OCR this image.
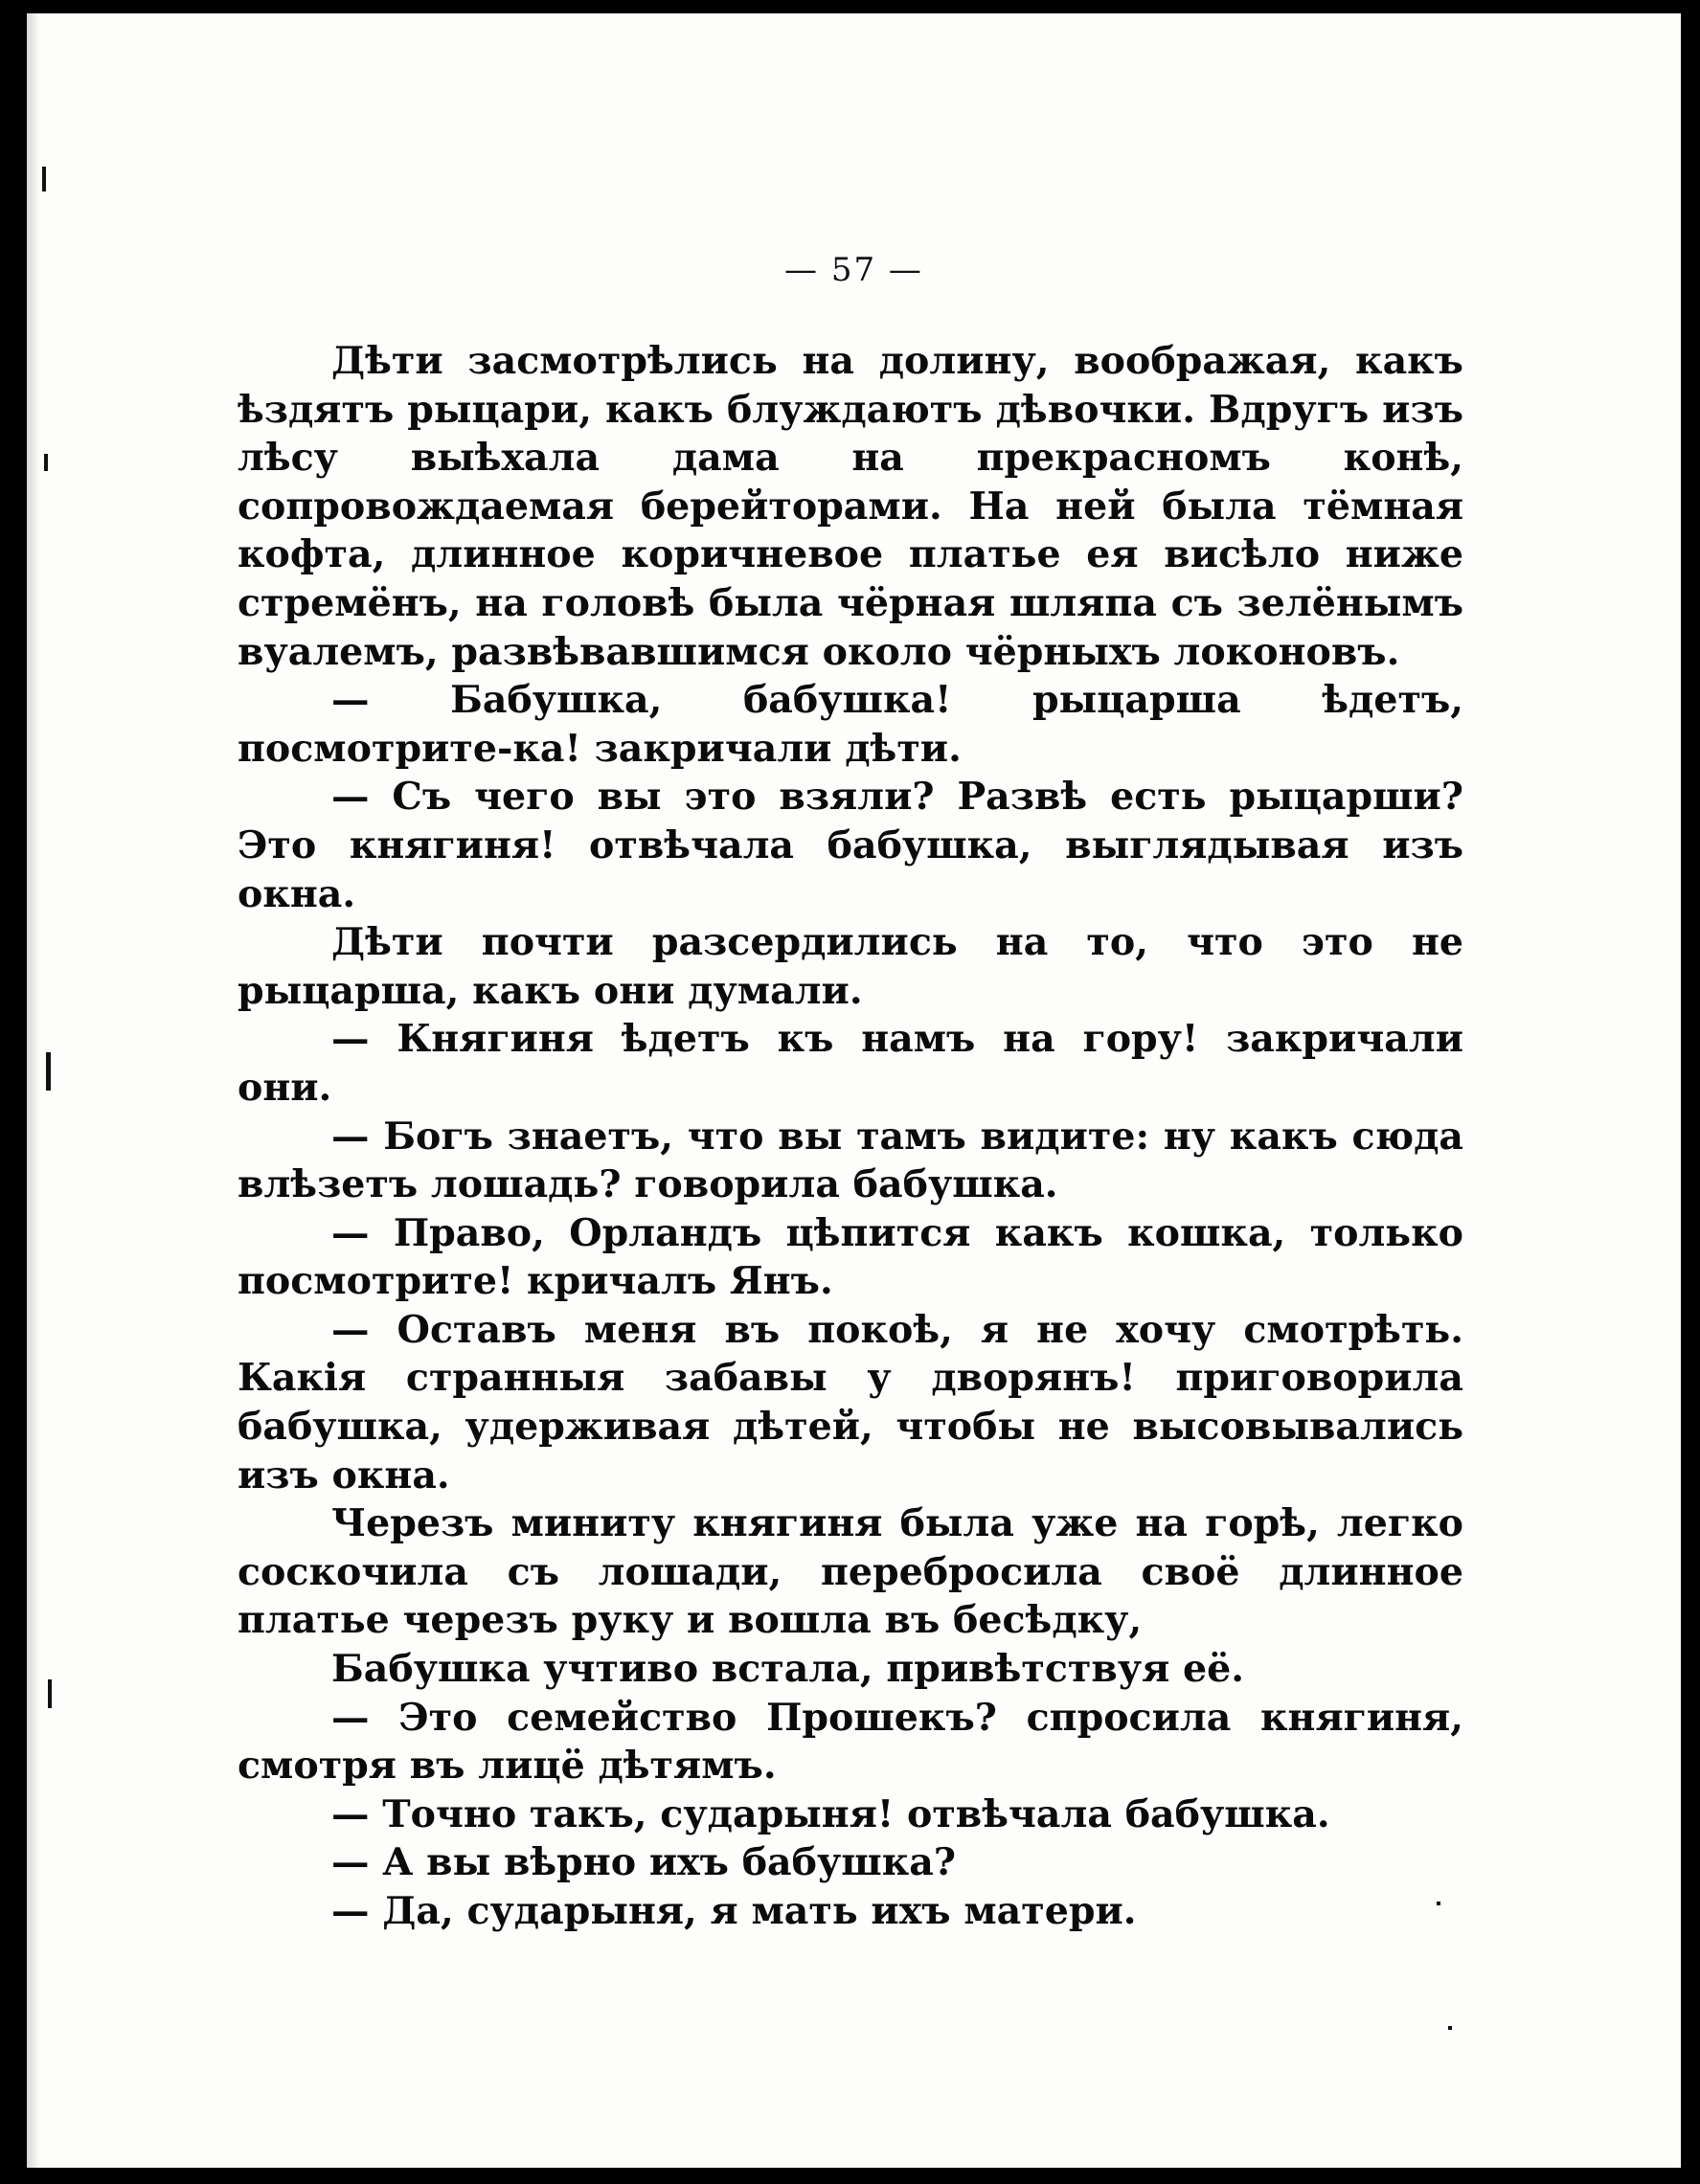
— 57 —

Дѣти засмотрѣлись на долину, воображая, какъ ѣздятъ рыцари, какъ блуждаютъ дѣвочки. Вдругъ изъ лѣсу выѣхала дама на прекрасномъ конѣ, сопровождаемая берейторами. На ней была тёмная кофта, длинное коричневое платье ея висѣло ниже стремёнъ, на головѣ была чёрная шляпа съ зелёнымъ вуалемъ, развѣвавшимся около чёрныхъ локоновъ.

— Бабушка, бабушка! рыцарша ѣдетъ, посмотрите-ка! закричали дѣти.

— Съ чего вы это взяли? Развѣ есть рыцарши? Это княгиня! отвѣчала бабушка, выглядывая изъ окна.

Дѣти почти разсердились на то, что это не рыцарша, какъ они думали.

— Княгиня ѣдетъ къ намъ на гору! закричали они.

— Богъ знаетъ, что вы тамъ видите: ну какъ сюда влѣзетъ лошадь? говорила бабушка.

— Право, Орландъ цѣпится какъ кошка, только посмотрите! кричалъ Янъ.

— Оставъ меня въ покоѣ, я не хочу смотрѣть. Какія странныя забавы у дворянъ! приговорила бабушка, удерживая дѣтей, чтобы не высовывались изъ окна.

Черезъ миниту княгиня была уже на горѣ, легко соскочила съ лошади, перебросила своё длинное платье черезъ руку и вошла въ бесѣдку,

Бабушка учтиво встала, привѣтствуя её.

— Это семейство Прошекъ? спросила княгиня, смотря въ лицё дѣтямъ.

— Точно такъ, сударыня! отвѣчала бабушка.

— А вы вѣрно ихъ бабушка?

— Да, сударыня, я мать ихъ матери.
